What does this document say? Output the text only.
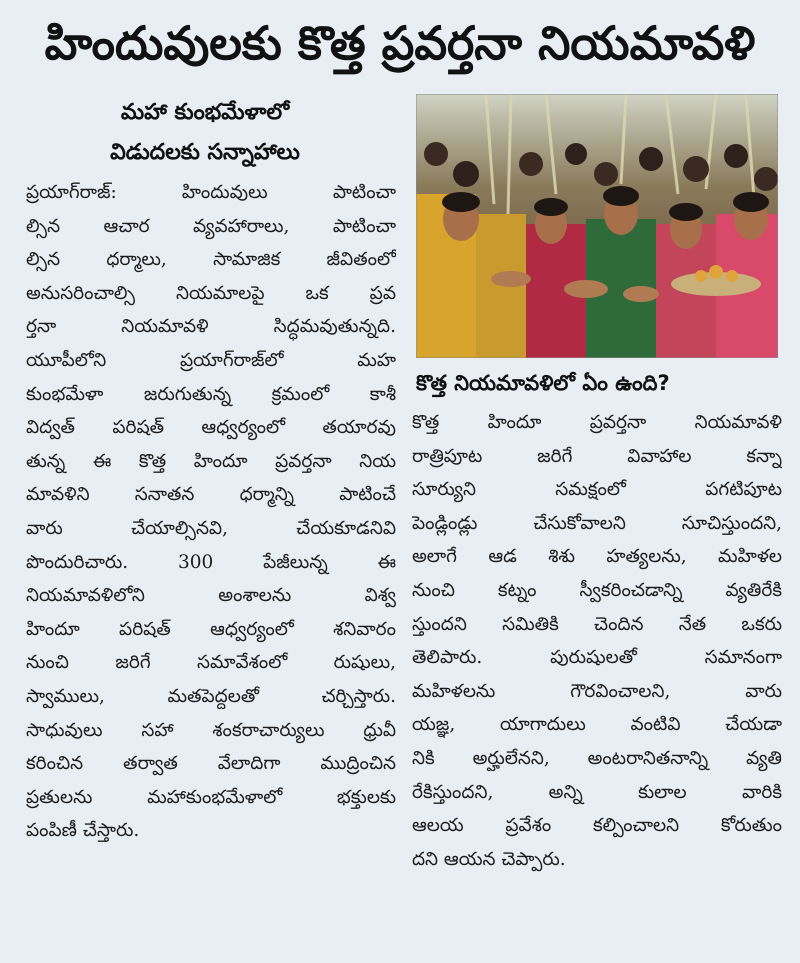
హిందువులకు కొత్త ప్రవర్తనా నియమావళి
మహా కుంభమేళాలో
విడుదలకు సన్నాహాలు
ప్రయాగ్‌రాజ్: హిందువులు పాటించా
ల్సిన ఆచార వ్యవహారాలు, పాటించా
ల్సిన ధర్మాలు, సామాజిక జీవితంలో
అనుసరించాల్సి నియమాలపై ఒక ప్రవ
ర్తనా నియమావళి సిద్ధమవుతున్నది.
యూపీలోని ప్రయాగ్‌రాజ్‌లో మహ
కుంభమేళా జరుగుతున్న క్రమంలో కాశీ
విద్వత్ పరిషత్ ఆధ్వర్యంలో తయారవు
తున్న ఈ కొత్త హిందూ ప్రవర్తనా నియ
మావళిని సనాతన ధర్మాన్ని పాటించే
వారు చేయాల్సినవి, చేయకూడనివి
పొందురిచారు. 300 పేజీలున్న ఈ
నియమావళిలోని అంశాలను విశ్వ
హిందూ పరిషత్ ఆధ్వర్యంలో శనివారం
నుంచి జరిగే సమావేశంలో రుషులు,
స్వాములు, మతపెద్దలతో చర్చిస్తారు.
సాధువులు సహా శంకరాచార్యులు ధ్రువీ
కరించిన తర్వాత వేలాదిగా ముద్రించిన
ప్రతులను మహాకుంభమేళాలో భక్తులకు
పంపిణీ చేస్తారు.
కొత్త నియమావళిలో ఏం ఉంది?
కొత్త హిందూ ప్రవర్తనా నియమావళి
రాత్రిపూట జరిగే వివాహాల కన్నా
సూర్యుని సమక్షంలో పగటిపూట
పెండ్లిండ్లు చేసుకోవాలని సూచిస్తుందని,
అలాగే ఆడ శిశు హత్యలను, మహిళల
నుంచి కట్నం స్వీకరించడాన్ని వ్యతిరేకి
స్తుందని సమితికి చెందిన నేత ఒకరు
తెలిపారు. పురుషులతో సమానంగా
మహిళలను గౌరవించాలని, వారు
యజ్ఞ, యాగాదులు వంటివి చేయడా
నికి అర్హులేనని, అంటరానితనాన్ని వ్యతి
రేకిస్తుందని, అన్ని కులాల వారికి
ఆలయ ప్రవేశం కల్పించాలని కోరుతుం
దని ఆయన చెప్పారు.
